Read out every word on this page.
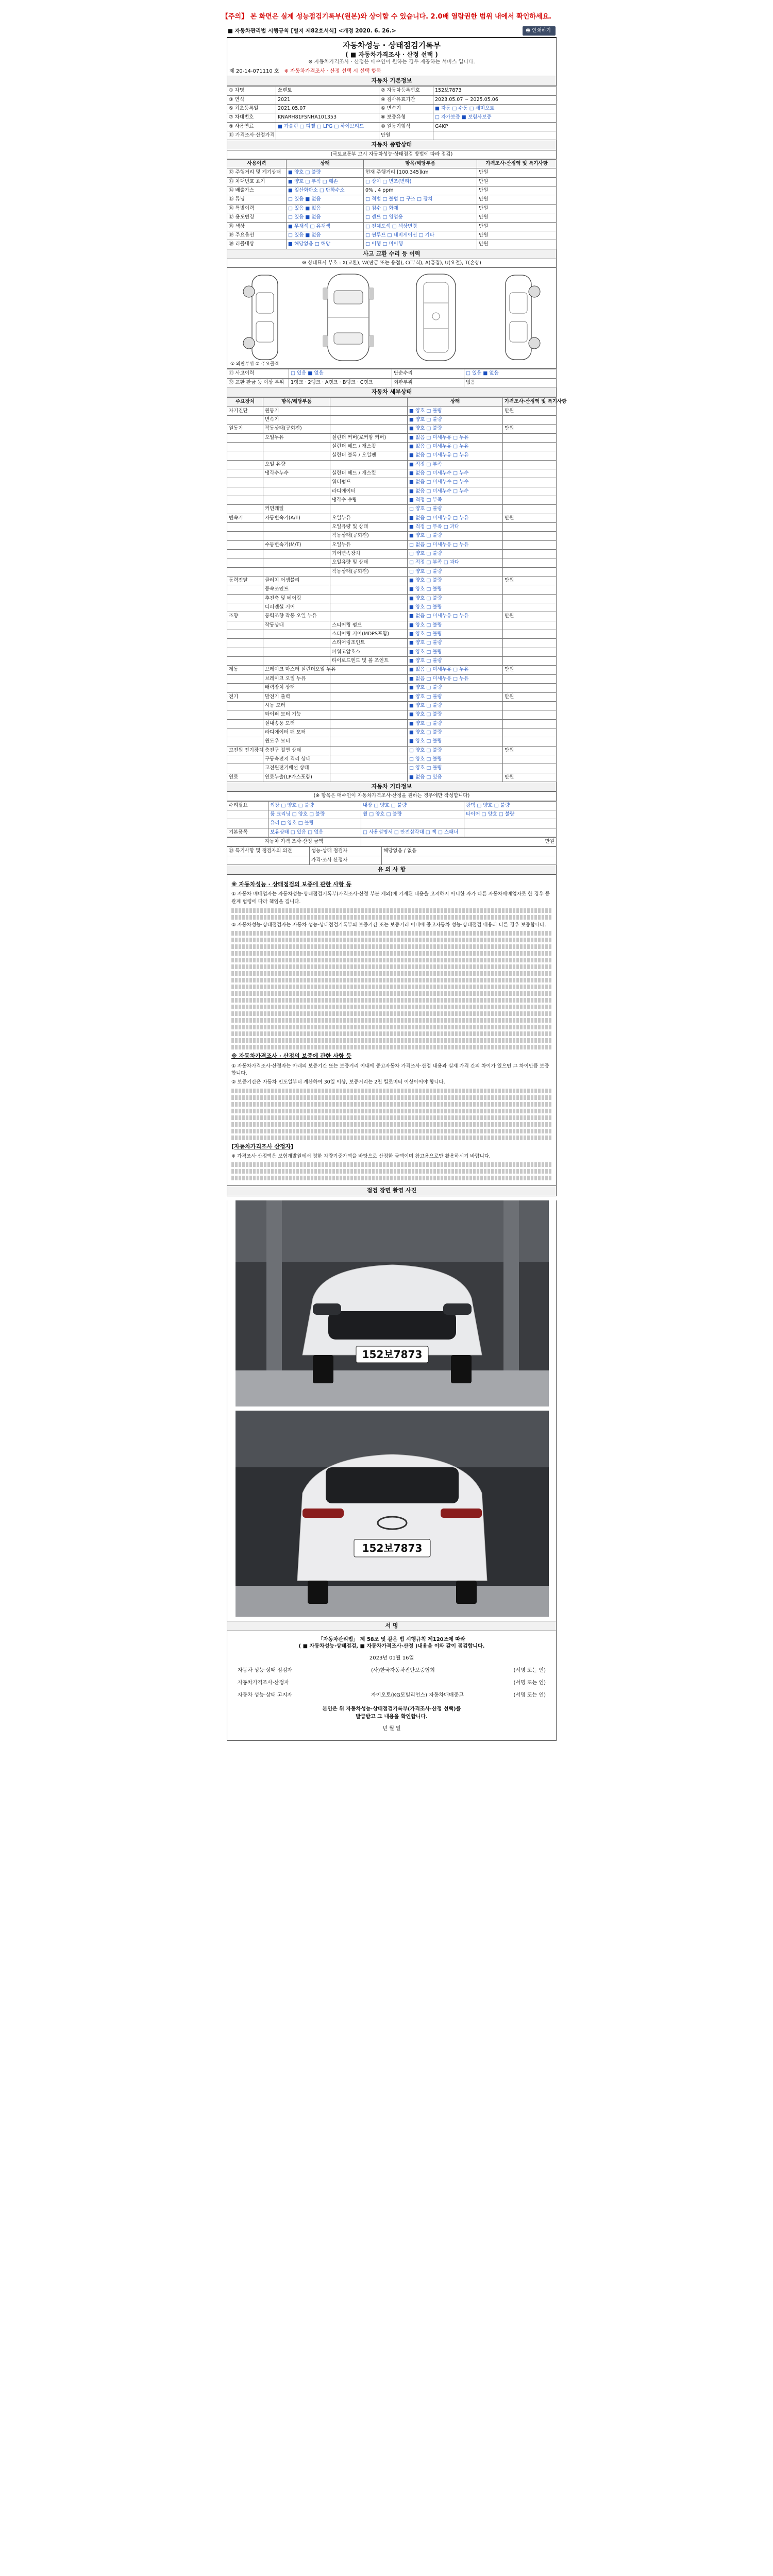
【주의】 본 화면은 실제 성능점검기록부(원본)와 상이할 수 있습니다. 2.0배 열람권한 범위 내에서 확인하세요.
■ 자동차관리법 시행규칙 [별지 제82호서식] <개정 2020. 6. 26.>	🖶 인쇄하기
자동차성능 · 상태점검기록부
( ■ 자동차가격조사 · 산정 선택 )
※ 자동차가격조사 · 산정은 매수인이 원하는 경우 제공하는 서비스 입니다.
제 20-14-071110 호 ※ 자동차가격조사 · 산정 선택 시 선택 항목
자동차 기본정보
① 차명	쏘렌토	② 자동차등록번호	152보7873
③ 연식	2021	④ 검사유효기간	2023.05.07 ~ 2025.05.06
⑤ 최초등록일	2021.05.07	⑥ 변속기	■ 자동 □ 수동 □ 세미오토
⑦ 차대번호	KNARH81FSNHA101353	⑧ 보증유형	□ 자가보증 ■ 보험사보증
⑨ 사용연료	■ 가솔린 □ 디젤 □ LPG □ 하이브리드	⑩ 원동기형식	G4KP
⑪ 가격조사·산정가격		만원	
자동차 종합상태
(국토교통부 고시 자동차성능·상태점검 방법에 따라 점검)
사용이력	상태	항목/해당부품	가격조사·산정액 및 특기사항
⑫ 주행거리 및 계기상태	■ 양호 □ 불량	현재 주행거리 [100,345]km	만원
⑬ 차대번호 표기	■ 양호 □ 부식 □ 훼손	□ 상이 □ 변조(변타)	만원
⑭ 배출가스	■ 일산화탄소 □ 탄화수소	0% , 4 ppm	만원
⑮ 튜닝	□ 있음 ■ 없음	□ 적법 □ 불법 □ 구조 □ 장치	만원
⑯ 특별이력	□ 있음 ■ 없음	□ 침수 □ 화재	만원
⑰ 용도변경	□ 있음 ■ 없음	□ 렌트 □ 영업용	만원
⑱ 색상	■ 무채색 □ 유채색	□ 전체도색 □ 색상변경	만원
⑲ 주요옵션	□ 있음 ■ 없음	□ 썬루프 □ 네비게이션 □ 기타	만원
⑳ 리콜대상	■ 해당없음 □ 해당	□ 이행 □ 미이행	만원
사고 교환 수리 등 이력
※ 상태표시 부호 : X(교환), W(판금 또는 용접), C(부식), A(흠집), U(요철), T(손상)
① 외판부위 ② 주요골격
㉑ 사고이력	□ 있음 ■ 없음	단순수리	□ 있음 ■ 없음
㉒ 교환 판금 등 이상 부위	1랭크 · 2랭크 · A랭크 · B랭크 · C랭크	외판부위	없음
자동차 세부상태
주요장치	항목/해당부품		상태	가격조사·산정액 및 특기사항
자기진단	원동기		■ 양호 □ 불량	만원
	변속기		■ 양호 □ 불량	
원동기	작동상태(공회전)		■ 양호 □ 불량	만원
	오일누유	실린더 커버(로커암 커버)	■ 없음 □ 미세누유 □ 누유	
		실린더 헤드 / 개스킷	■ 없음 □ 미세누유 □ 누유	
		실린더 블록 / 오일팬	■ 없음 □ 미세누유 □ 누유	
	오일 유량		■ 적정 □ 부족	
	냉각수누수	실린더 헤드 / 개스킷	■ 없음 □ 미세누수 □ 누수	
		워터펌프	■ 없음 □ 미세누수 □ 누수	
		라디에이터	■ 없음 □ 미세누수 □ 누수	
		냉각수 수량	■ 적정 □ 부족	
	커먼레일		□ 양호 □ 불량	
변속기	자동변속기(A/T)	오일누유	■ 없음 □ 미세누유 □ 누유	만원
		오일유량 및 상태	■ 적정 □ 부족 □ 과다	
		작동상태(공회전)	■ 양호 □ 불량	
	수동변속기(M/T)	오일누유	□ 없음 □ 미세누유 □ 누유	
		기어변속장치	□ 양호 □ 불량	
		오일유량 및 상태	□ 적정 □ 부족 □ 과다	
		작동상태(공회전)	□ 양호 □ 불량	
동력전달	클러치 어셈블리		■ 양호 □ 불량	만원
	등속조인트		■ 양호 □ 불량	
	추진축 및 베어링		■ 양호 □ 불량	
	디퍼렌셜 기어		■ 양호 □ 불량	
조향	동력조향 작동 오일 누유		■ 없음 □ 미세누유 □ 누유	만원
	작동상태	스티어링 펌프	■ 양호 □ 불량	
		스티어링 기어(MDPS포함)	■ 양호 □ 불량	
		스티어링조인트	■ 양호 □ 불량	
		파워고압호스	■ 양호 □ 불량	
		타이로드엔드 및 볼 조인트	■ 양호 □ 불량	
제동	브레이크 마스터 실린더오일 누유		■ 없음 □ 미세누유 □ 누유	만원
	브레이크 오일 누유		■ 없음 □ 미세누유 □ 누유	
	배력장치 상태		■ 양호 □ 불량	
전기	발전기 출력		■ 양호 □ 불량	만원
	시동 모터		■ 양호 □ 불량	
	와이퍼 모터 기능		■ 양호 □ 불량	
	실내송풍 모터		■ 양호 □ 불량	
	라디에이터 팬 모터		■ 양호 □ 불량	
	윈도우 모터		■ 양호 □ 불량	
고전원 전기장치	충전구 절연 상태		□ 양호 □ 불량	만원
	구동축전지 격리 상태		□ 양호 □ 불량	
	고전원전기배선 상태		□ 양호 □ 불량	
연료	연료누출(LP가스포함)		■ 없음 □ 있음	만원
자동차 기타정보
(※ 항목은 매수인이 자동차가격조사·산정을 원하는 경우에만 작성합니다)
수리필요	외장 □ 양호 □ 불량	내장 □ 양호 □ 불량	광택 □ 양호 □ 불량
	룸 크리닝 □ 양호 □ 불량	휠 □ 양호 □ 불량	타이어 □ 양호 □ 불량
	유리 □ 양호 □ 불량		
기본품목	보유상태 □ 있음 □ 없음	□ 사용설명서 □ 안전삼각대 □ 잭 □ 스패너	
자동차 가격 조사·산정 금액	만원
㉓ 특기사항 및 점검자의 의견	성능·상태 점검자	해당없음 / 없음
	가격·조사 산정자	
유 의 사 항
※ 자동차성능 · 상태점검의 보증에 관한 사항 등

① 자동차 매매업자는 자동차성능·상태점검기록부(가격조사·산정 부분 제외)에 기재된 내용을 고지하지 아니한 자가 다른 자동차매매업자로 한 경우 등 관계 법령에 따라 책임을 집니다.

② 자동차성능·상태점검자는 자동차 성능·상태점검기록부의 보증기간 또는 보증거리 이내에 중고자동차 성능·상태점검 내용과 다른 경우 보증합니다.

※ 자동차가격조사 · 산정의 보증에 관한 사항 등

① 자동차가격조사·산정자는 아래의 보증기간 또는 보증거리 이내에 중고자동차 가격조사·산정 내용과 실제 가격 간의 차이가 있으면 그 차이만큼 보증합니다.

② 보증기간은 자동차 인도일부터 계산하여 30일 이상, 보증거리는 2천 킬로미터 이상이어야 합니다.

[자동차가격조사 산정자]

※ 가격조사·산정액은 보험개발원에서 정한 차량기준가액을 바탕으로 산정한 금액이며 참고용으로만 활용하시기 바랍니다.

점검 장면 촬영 사진
152보7873
152보7873
서 명
「자동차관리법」 제 58조 및 같은 법 시행규칙 제120조에 따라
( ■ 자동차성능·상태점검, ■ 자동차가격조사·산정 )내용을 이와 같이 점검합니다.
2023년 01월 16일
자동차 성능·상태 점검자	(사)한국자동차진단보증협회	(서명 또는 인)
자동차가격조사·산정자	(서명 또는 인)
자동차 성능·상태 고지자	자이오토(KG모빌리언스) 자동차매매중고	(서명 또는 인)
본인은 위 자동차성능·상태점검기록부(가격조사·산정 선택)를
발급받고 그 내용을 확인합니다.
년 월 일
